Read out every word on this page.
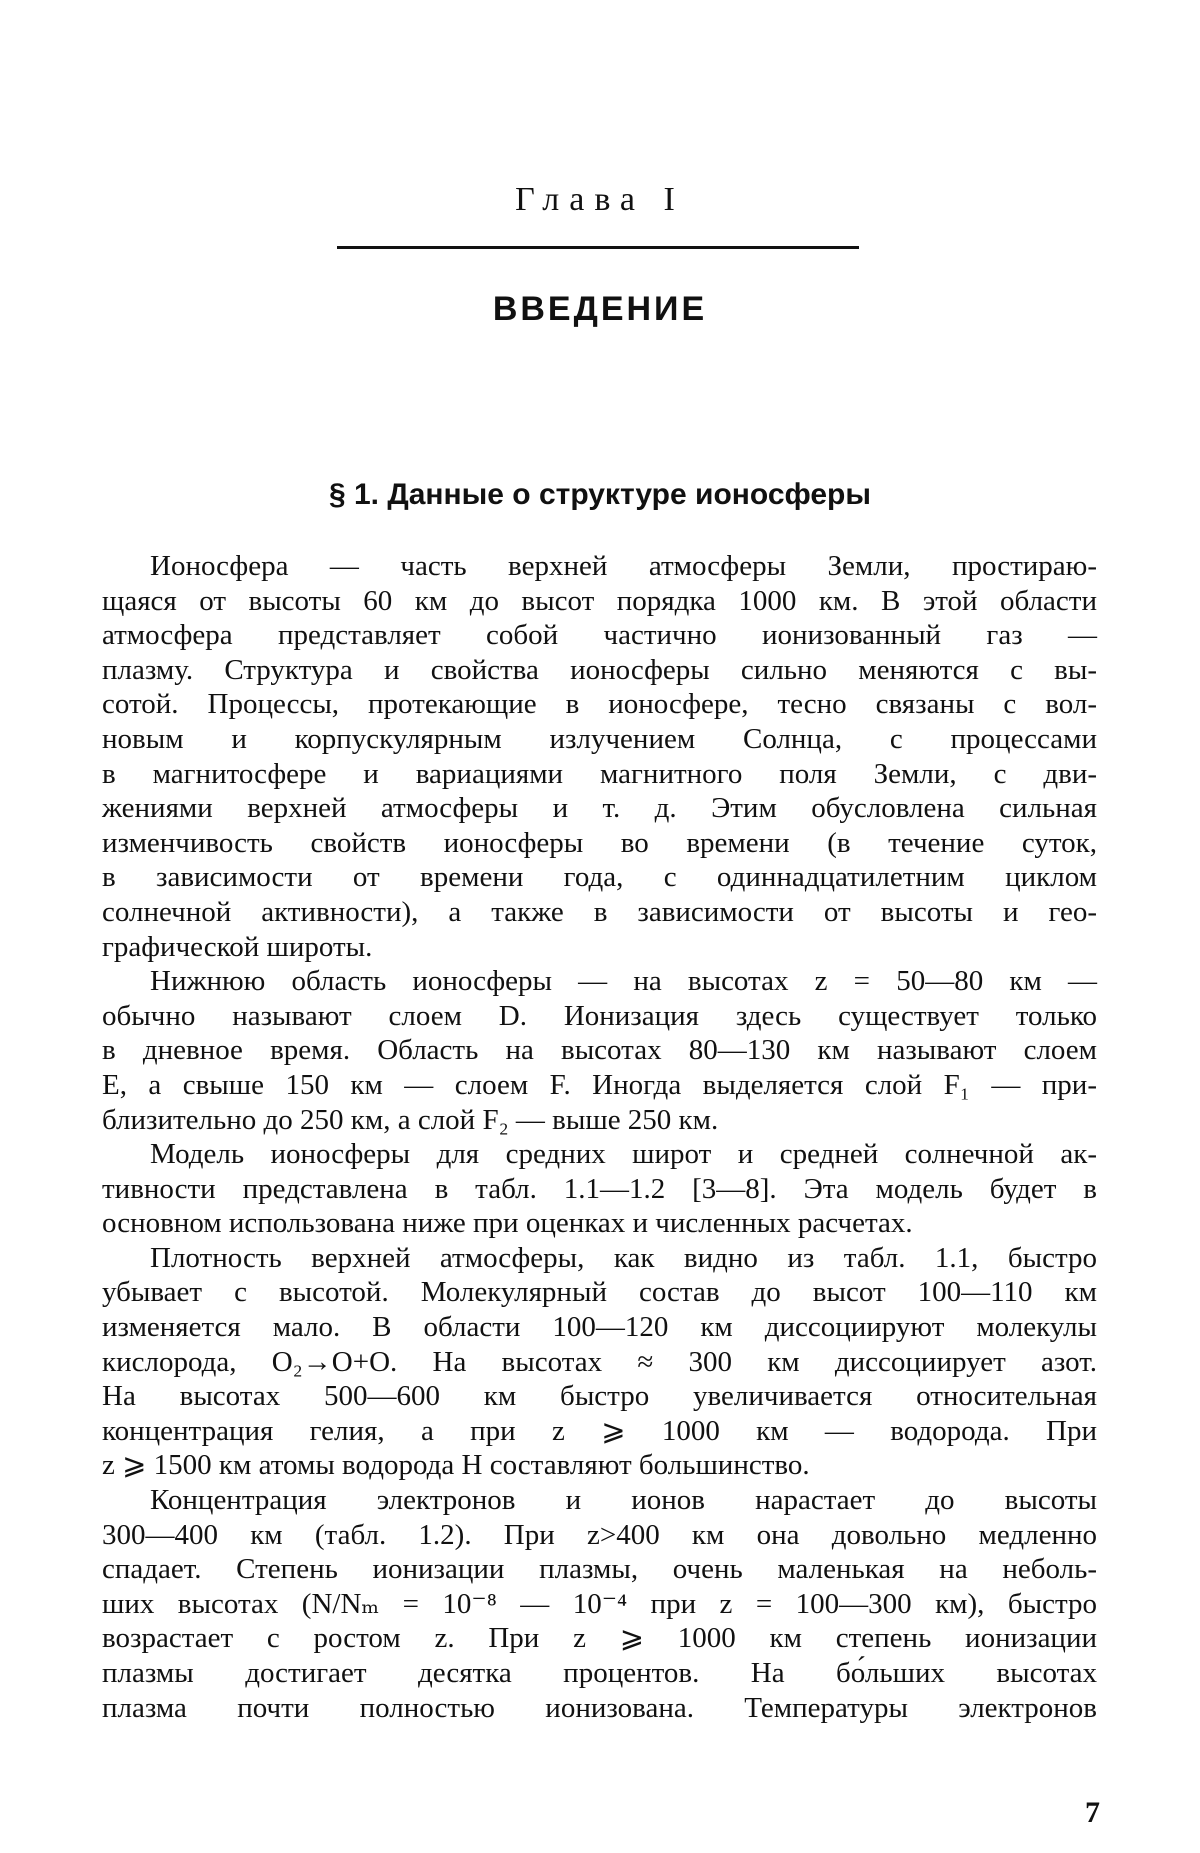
Глава I
ВВЕДЕНИЕ
§ 1. Данные о структуре ионосферы
Ионосфера — часть верхней атмосферы Земли, простираю-
щаяся от высоты 60 км до высот порядка 1000 км. В этой области
атмосфера представляет собой частично ионизованный газ —
плазму. Структура и свойства ионосферы сильно меняются с вы-
сотой. Процессы, протекающие в ионосфере, тесно связаны с вол-
новым и корпускулярным излучением Солнца, с процессами
в магнитосфере и вариациями магнитного поля Земли, с дви-
жениями верхней атмосферы и т. д. Этим обусловлена сильная
изменчивость свойств ионосферы во времени (в течение суток,
в зависимости от времени года, с одиннадцатилетним циклом
солнечной активности), а также в зависимости от высоты и гео-
графической широты.
Нижнюю область ионосферы — на высотах z = 50—80 км —
обычно называют слоем D. Ионизация здесь существует только
в дневное время. Область на высотах 80—130 км называют слоем
E, а свыше 150 км — слоем F. Иногда выделяется слой F₁ — при-
близительно до 250 км, а слой F₂ — выше 250 км.
Модель ионосферы для средних широт и средней солнечной ак-
тивности представлена в табл. 1.1—1.2 [3—8]. Эта модель будет в
основном использована ниже при оценках и численных расчетах.
Плотность верхней атмосферы, как видно из табл. 1.1, быстро
убывает с высотой. Молекулярный состав до высот 100—110 км
изменяется мало. В области 100—120 км диссоциируют молекулы
кислорода, O₂→O+O. На высотах ≈ 300 км диссоциирует азот.
На высотах 500—600 км быстро увеличивается относительная
концентрация гелия, а при z ⩾ 1000 км — водорода. При
z ⩾ 1500 км атомы водорода H составляют большинство.
Концентрация электронов и ионов нарастает до высоты
300—400 км (табл. 1.2). При z>400 км она довольно медленно
спадает. Степень ионизации плазмы, очень маленькая на неболь-
ших высотах (N/Nₘ = 10⁻⁸ — 10⁻⁴ при z = 100—300 км), быстро
возрастает с ростом z. При z ⩾ 1000 км степень ионизации
плазмы достигает десятка процентов. На бо́льших высотах
плазма почти полностью ионизована. Температуры электронов
7
